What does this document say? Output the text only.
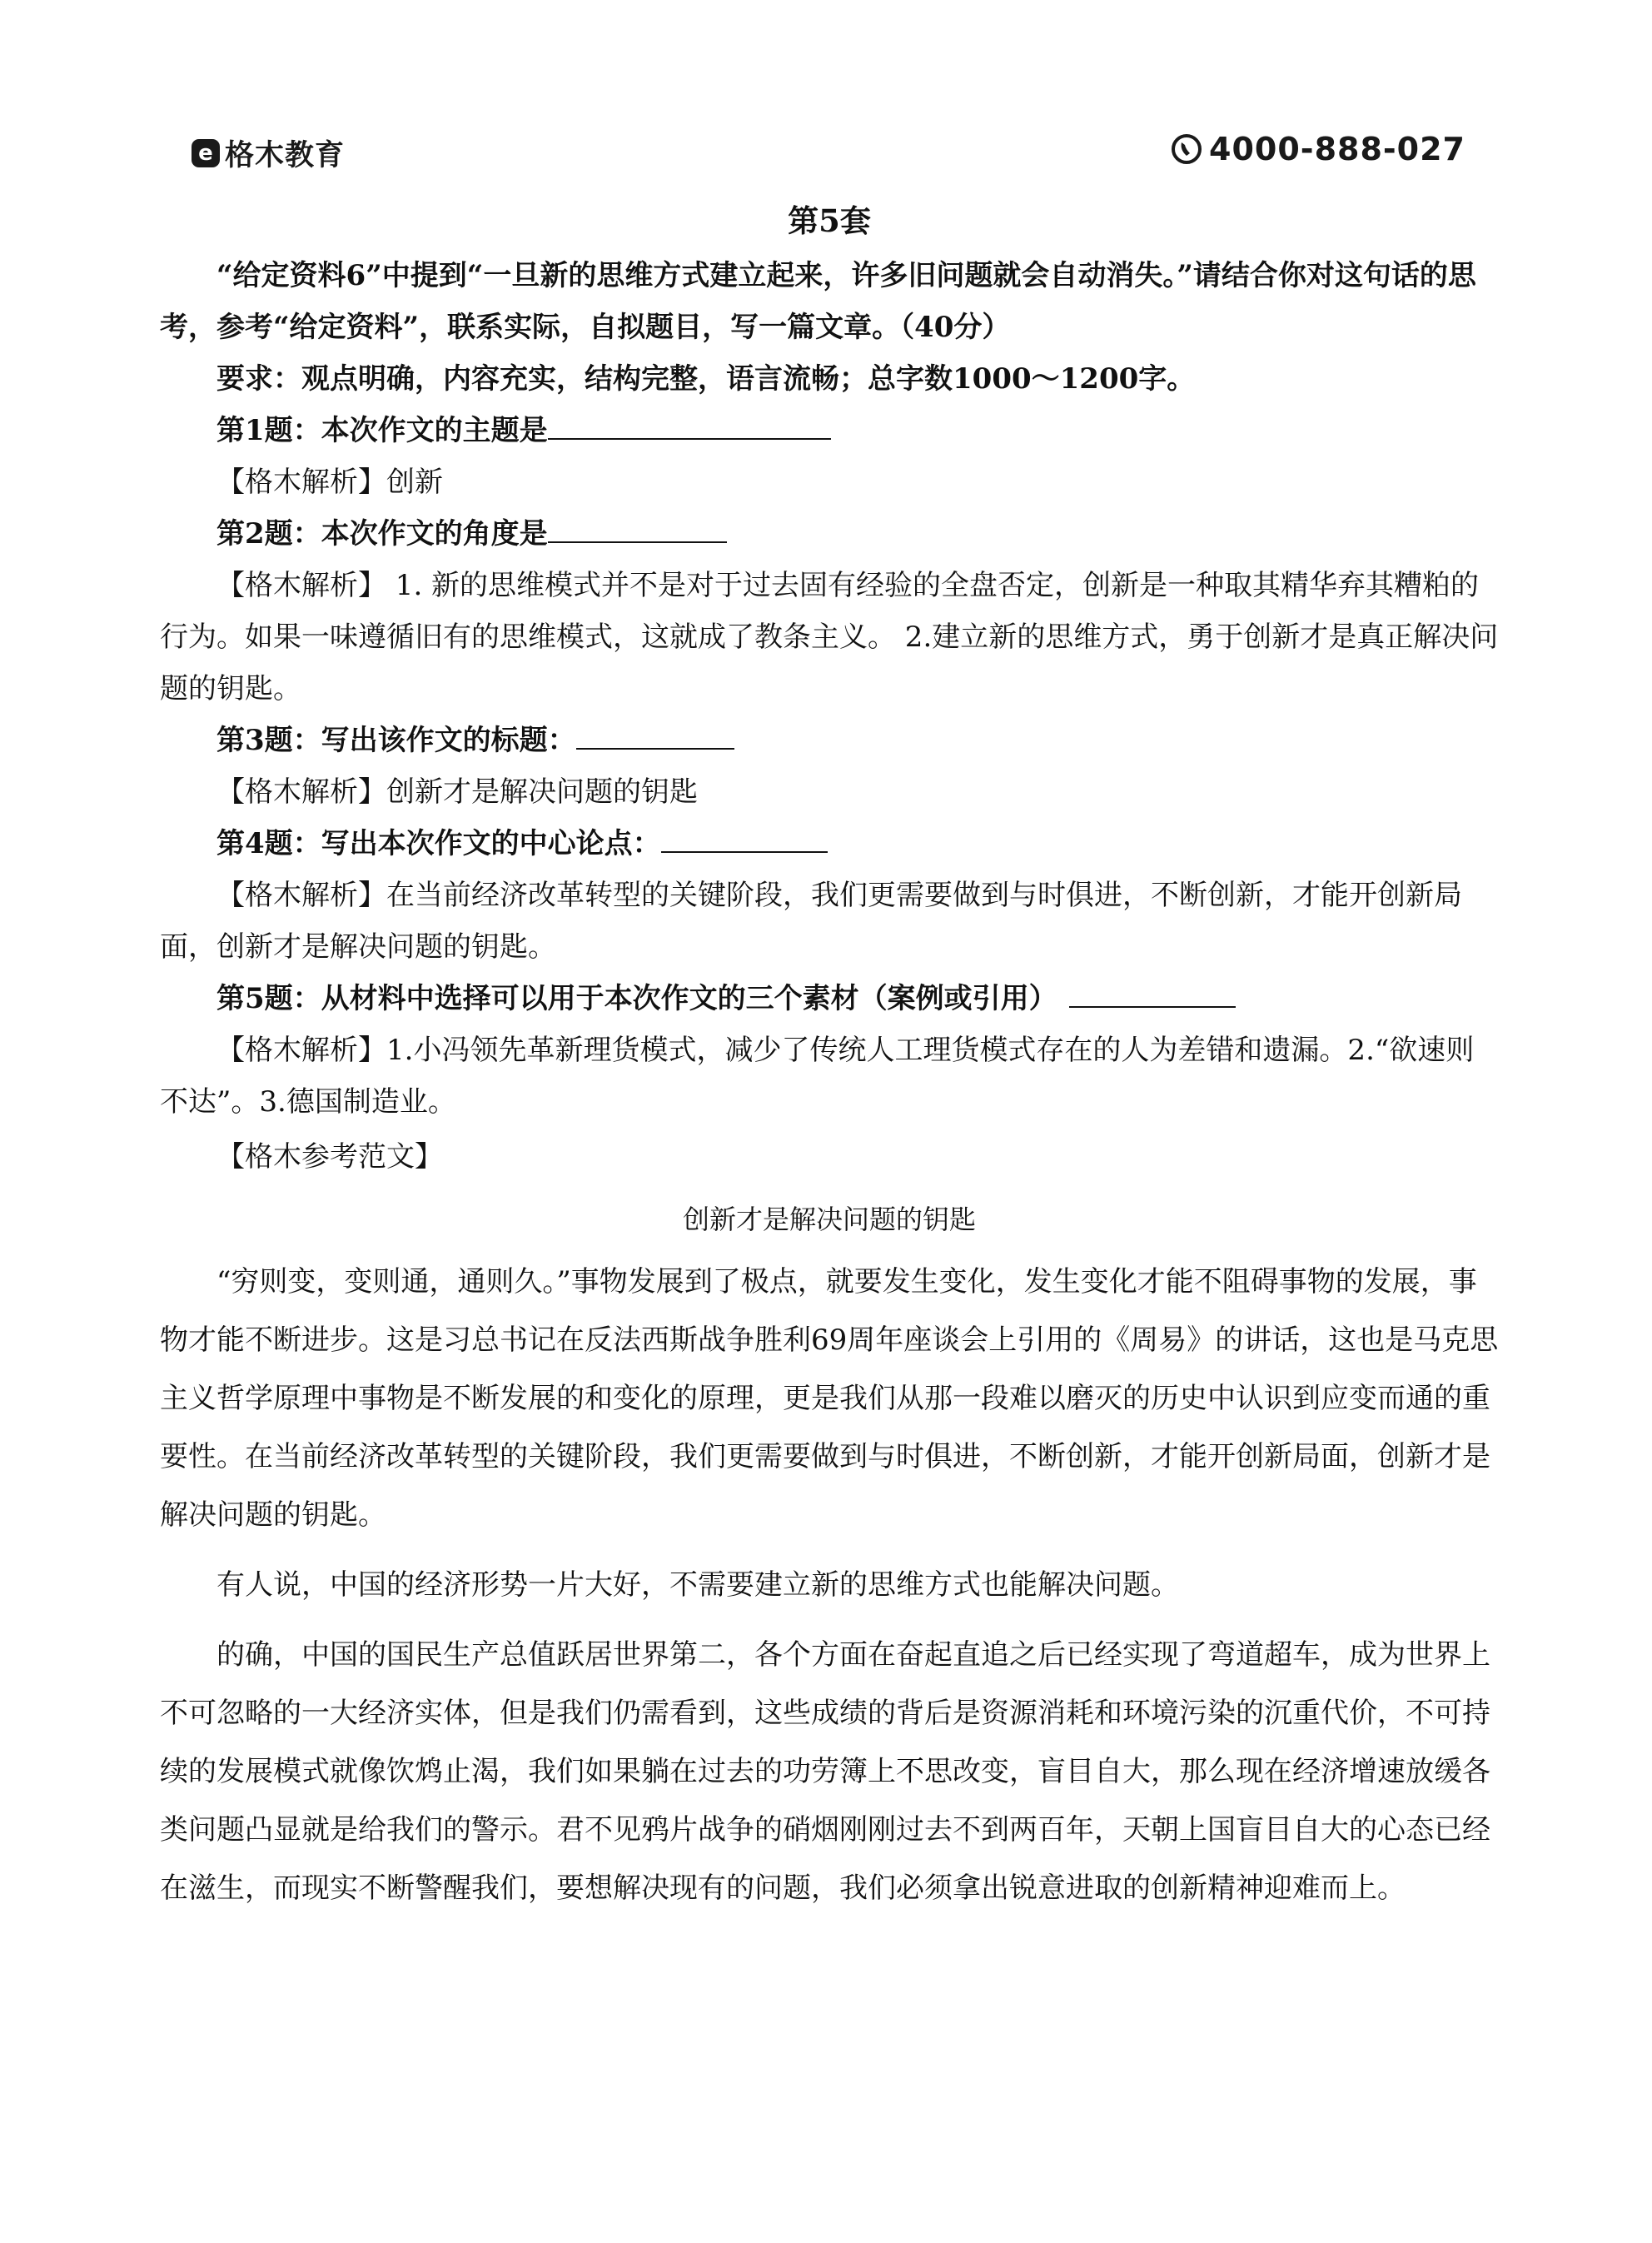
e 格木教育	4000-888-027
第5套

“给定资料6”中提到“一旦新的思维方式建立起来，许多旧问题就会自动消失。”请结合你对这句话的思考，参考“给定资料”，联系实际，自拟题目，写一篇文章。（40分）

要求：观点明确，内容充实，结构完整，语言流畅；总字数1000～1200字。

第1题：本次作文的主题是

【格木解析】创新

第2题：本次作文的角度是

【格木解析】 1. 新的思维模式并不是对于过去固有经验的全盘否定，创新是一种取其精华弃其糟粕的行为。如果一味遵循旧有的思维模式，这就成了教条主义。 2.建立新的思维方式，勇于创新才是真正解决问题的钥匙。

第3题：写出该作文的标题：

【格木解析】创新才是解决问题的钥匙

第4题：写出本次作文的中心论点：

【格木解析】在当前经济改革转型的关键阶段，我们更需要做到与时俱进，不断创新，才能开创新局面，创新才是解决问题的钥匙。

第5题：从材料中选择可以用于本次作文的三个素材（案例或引用）

【格木解析】1.小冯领先革新理货模式，减少了传统人工理货模式存在的人为差错和遗漏。2.“欲速则不达”。3.德国制造业。

【格木参考范文】

创新才是解决问题的钥匙

“穷则变，变则通，通则久。”事物发展到了极点，就要发生变化，发生变化才能不阻碍事物的发展，事物才能不断进步。这是习总书记在反法西斯战争胜利69周年座谈会上引用的《周易》的讲话，这也是马克思主义哲学原理中事物是不断发展的和变化的原理，更是我们从那一段难以磨灭的历史中认识到应变而通的重要性。在当前经济改革转型的关键阶段，我们更需要做到与时俱进，不断创新，才能开创新局面，创新才是解决问题的钥匙。

有人说，中国的经济形势一片大好，不需要建立新的思维方式也能解决问题。

的确，中国的国民生产总值跃居世界第二，各个方面在奋起直追之后已经实现了弯道超车，成为世界上不可忽略的一大经济实体，但是我们仍需看到，这些成绩的背后是资源消耗和环境污染的沉重代价，不可持续的发展模式就像饮鸩止渴，我们如果躺在过去的功劳簿上不思改变，盲目自大，那么现在经济增速放缓各类问题凸显就是给我们的警示。君不见鸦片战争的硝烟刚刚过去不到两百年，天朝上国盲目自大的心态已经在滋生，而现实不断警醒我们，要想解决现有的问题，我们必须拿出锐意进取的创新精神迎难而上。
